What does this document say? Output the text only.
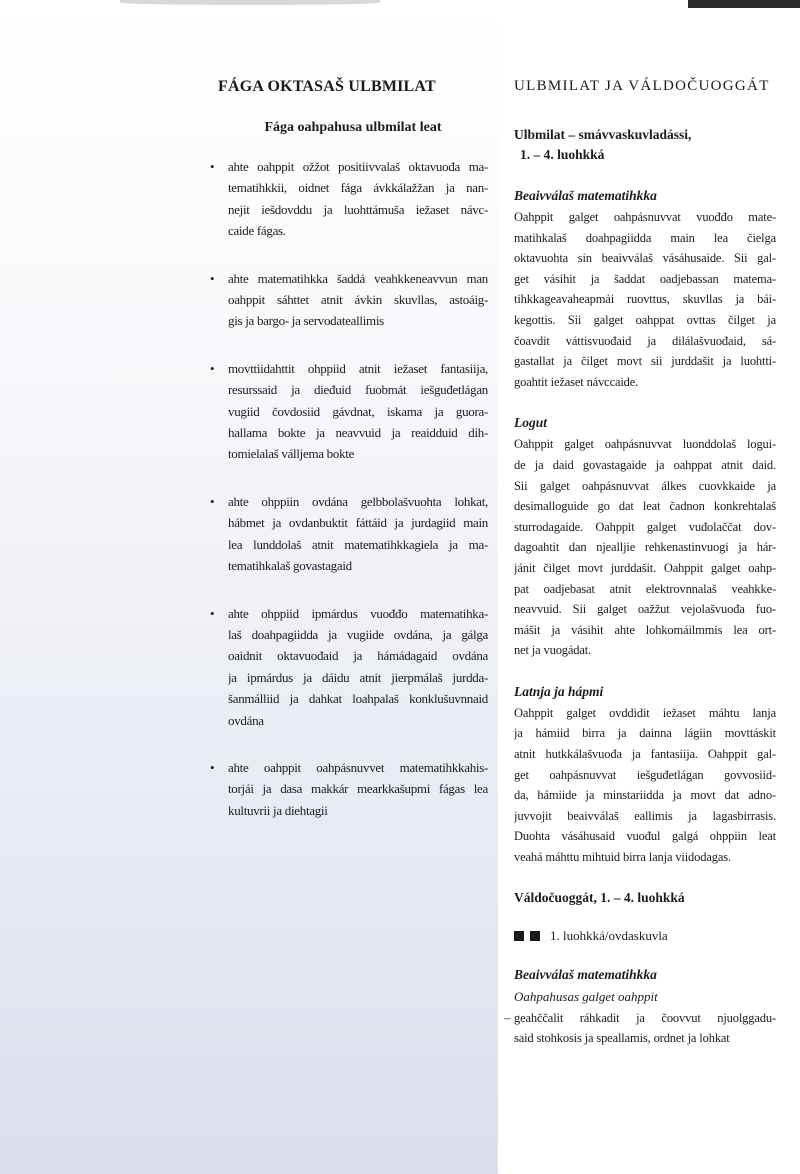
FÁGA OKTASAŠ ULBMILAT
Fága oahpahusa ulbmilat leat
• ahte oahppit ožžot positiivvalaš oktavuođa ma-
tematihkkii, oidnet fága ávkkálažžan ja nan-
nejit iešdovddu ja luohttámuša iežaset návc-
caide fágas.
• ahte matematihkka šaddá veahkkeneavvun man
oahppit sáhttet atnit ávkin skuvllas, astoáig-
gis ja bargo- ja servodateallimis
• movttiidahttit ohppiid atnit iežaset fantasiija,
resurssaid ja dieđuid fuobmát iešguđetlágan
vugiid čovdosiid gávdnat, iskama ja guora-
hallama bokte ja neavvuid ja reaidduid dih-
tomielalaš válljema bokte
• ahte ohppiin ovdána gelbbolašvuohta lohkat,
hábmet ja ovdanbuktit fáttáid ja jurdagiid main
lea lunddolaš atnit matematihkkagiela ja ma-
tematihkalaš govastagaid
• ahte ohppiid ipmárdus vuođđo matematihka-
laš doahpagiidda ja vugiide ovdána, ja gálga
oaidnit oktavuođaid ja hámádagaid ovdána
ja ipmárdus ja dáidu atnit jierpmálaš jurdda-
šanmálliid ja dahkat loahpalaš konklušuvnnaid
ovdána
• ahte oahppit oahpásnuvvet matematihkkahis-
torjái ja dasa makkár mearkkašupmi fágas lea
kultuvrii ja diehtagii
ULBMILAT JA VÁLDOČUOGGÁT
Ulbmilat – smávvaskuvladássi,
1. – 4. luohkká
Beaivválaš matematihkka
Oahppit galget oahpásnuvvat vuođđo mate-
matihkalaš doahpagiidda main lea čielga
oktavuohta sin beaivválaš vásáhusaide. Sii gal-
get vásihit ja šaddat oadjebassan matema-
tihkkageavaheapmái ruovttus, skuvllas ja bái-
kegottis. Sii galget oahppat ovttas čilget ja
čoavdit váttisvuođaid ja dilálašvuođaid, sá-
gastallat ja čilget movt sii jurddašit ja luohtti-
goahtit iežaset návccaide.
Logut
Oahppit galget oahpásnuvvat luonddolaš logui-
de ja daid govastagaide ja oahppat atnit daid.
Sii galget oahpásnuvvat álkes cuovkkaide ja
desimalloguide go dat leat čadnon konkrehtalaš
sturrodagaide. Oahppit galget vuđolaččat dov-
dagoahtit dan njealljie rehkenastinvuogi ja hár-
jánit čilget movt jurddašit. Oahppit galget oahp-
pat oadjebasat atnit elektrovnnalaš veahkke-
neavvuid. Sii galget oažžut vejolašvuođa fuo-
mášit ja vásihit ahte lohkomáilmmis lea ort-
net ja vuogádat.
Latnja ja hápmi
Oahppit galget ovddidit iežaset máhtu lanja
ja hámiid birra ja dainna lágiin movttáskit
atnit hutkkálašvuođa ja fantasiija. Oahppit gal-
get oahpásnuvvat iešguđetlágan govvosiid-
da, hámiide ja minstariidda ja movt dat adno-
juvvojit beaivválaš eallimis ja lagasbirrasis.
Duohta vásáhusaid vuođul galgá ohppiin leat
veahá máhttu mihtuid birra lanja viidodagas.
Váldočuoggát, 1. – 4. luohkká
1. luohkká/ovdaskuvla
Beaivválaš matematihkka
Oahpahusas galget oahppit
– geahččalit ráhkadit ja čoovvut njuolggadu-
said stohkosis ja speallamis, ordnet ja lohkat
